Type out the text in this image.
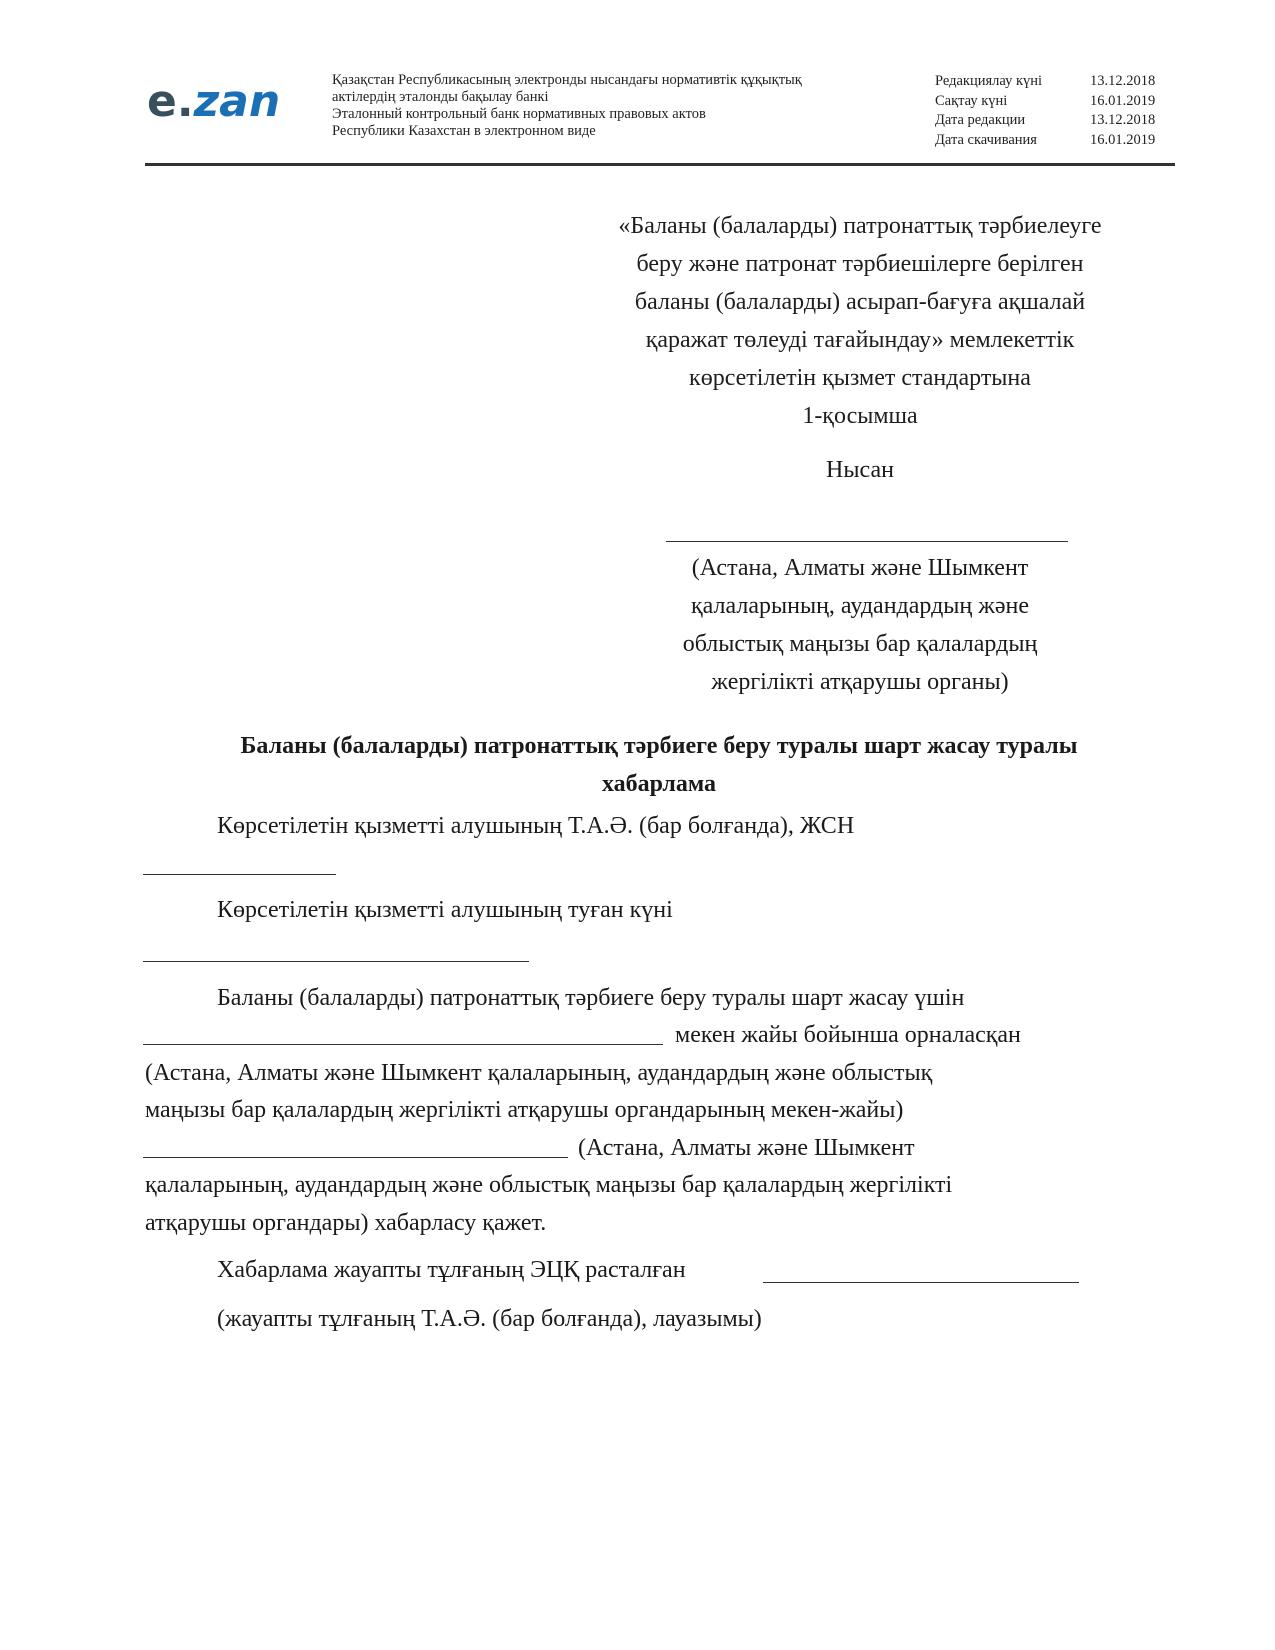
e.zan	Қазақстан Республикасының электронды нысандағы нормативтік құқықтық
актілердің эталонды бақылау банкі
Эталонный контрольный банк нормативных правовых актов
Республики Казахстан в электронном виде
Редакциялау күні	13.12.2018
Сақтау күні	16.01.2019
Дата редакции	13.12.2018
Дата скачивания	16.01.2019
«Баланы (балаларды) патронаттық тәрбиелеуге
беру және патронат тәрбиешілерге берілген
баланы (балаларды) асырап-бағуға ақшалай
қаражат төлеуді тағайындау» мемлекеттік
көрсетілетін қызмет стандартына
1-қосымша
Нысан
(Астана, Алматы және Шымкент
қалаларының, аудандардың және
облыстық маңызы бар қалалардың
жергілікті атқарушы органы)
Баланы (балаларды) патронаттық тәрбиеге беру туралы шарт жасау туралы
хабарлама
Көрсетілетін қызметті алушының Т.А.Ә. (бар болғанда), ЖСН
Көрсетілетін қызметті алушының туған күні
Баланы (балаларды) патронаттық тәрбиеге беру туралы шарт жасау үшін
мекен жайы бойынша орналасқан
(Астана, Алматы және Шымкент қалаларының, аудандардың және облыстық
маңызы бар қалалардың жергілікті атқарушы органдарының мекен-жайы)
(Астана, Алматы және Шымкент
қалаларының, аудандардың және облыстық маңызы бар қалалардың жергілікті
атқарушы органдары) хабарласу қажет.
Хабарлама жауапты тұлғаның ЭЦҚ расталған
(жауапты тұлғаның Т.А.Ә. (бар болғанда), лауазымы)
